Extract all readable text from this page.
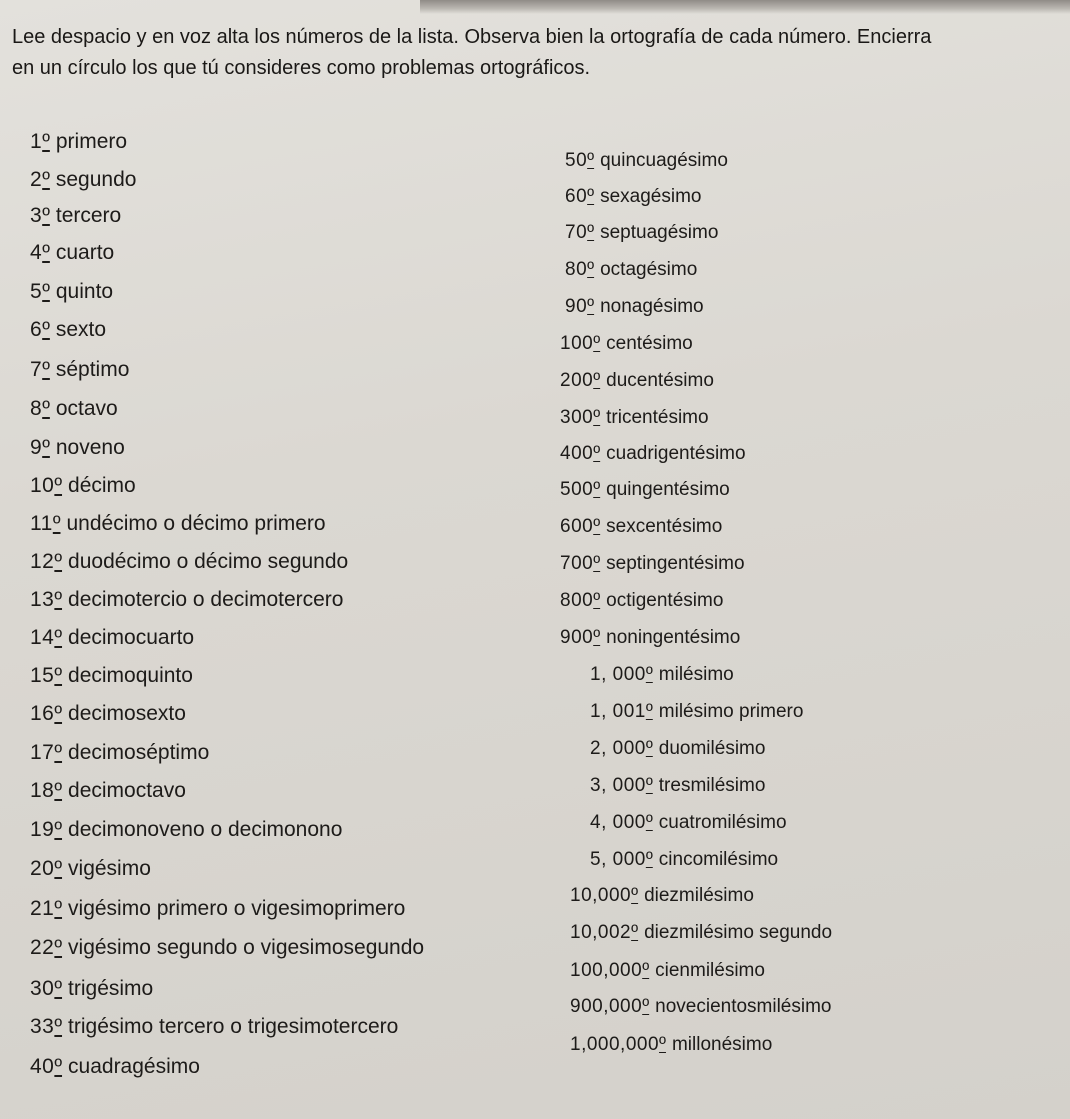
Lee despacio y en voz alta los números de la lista. Observa bien la ortografía de cada número. Encierra

en un círculo los que tú consideres como problemas ortográficos.

1º primero
2º segundo
3º tercero
4º cuarto
5º quinto
6º sexto
7º séptimo
8º octavo
9º noveno
10º décimo
11º undécimo o décimo primero
12º duodécimo o décimo segundo
13º decimotercio o decimotercero
14º decimocuarto
15º decimoquinto
16º decimosexto
17º decimoséptimo
18º decimoctavo
19º decimonoveno o decimonono
20º vigésimo
21º vigésimo primero o vigesimoprimero
22º vigésimo segundo o vigesimosegundo
30º trigésimo
33º trigésimo tercero o trigesimotercero
40º cuadragésimo
50º quincuagésimo
60º sexagésimo
70º septuagésimo
80º octagésimo
90º nonagésimo
100º centésimo
200º ducentésimo
300º tricentésimo
400º cuadrigentésimo
500º quingentésimo
600º sexcentésimo
700º septingentésimo
800º octigentésimo
900º noningentésimo
1, 000º milésimo
1, 001º milésimo primero
2, 000º duomilésimo
3, 000º tresmilésimo
4, 000º cuatromilésimo
5, 000º cincomilésimo
10,000º diezmilésimo
10,002º diezmilésimo segundo
100,000º cienmilésimo
900,000º novecientosmilésimo
1,000,000º millonésimo
